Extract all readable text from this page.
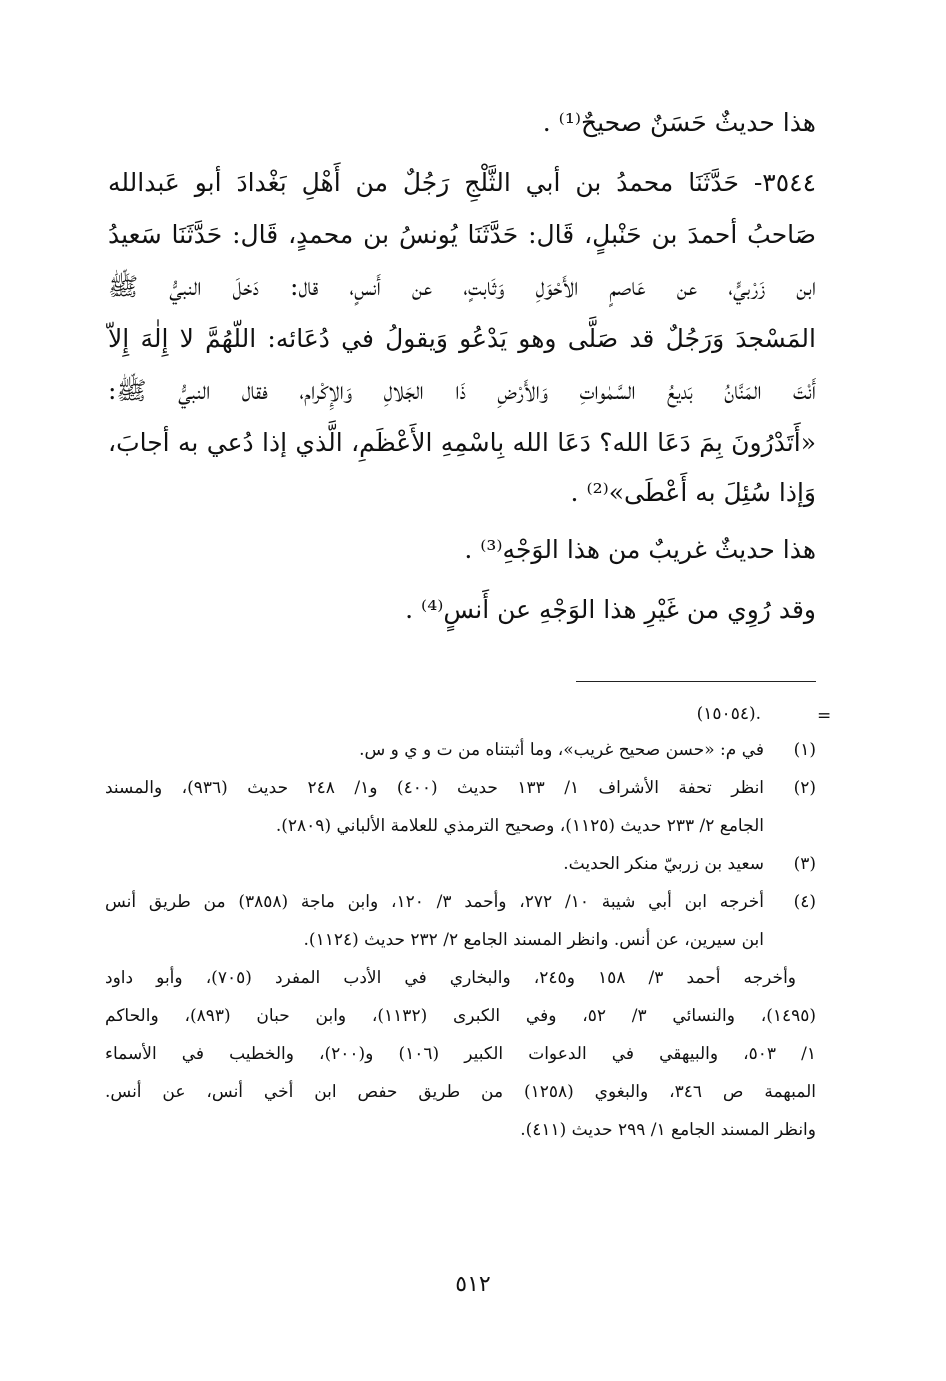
هذا حديثٌ حَسَنٌ صحيحٌ⁽¹⁾ .
٣٥٤٤- حَدَّثَنَا محمدُ بن أبي الثَّلْجِ رَجُلٌ من أَهْلِ بَغْدادَ أبو عَبدالله
صَاحبُ أحمدَ بن حَنْبلٍ، قَال: حَدَّثَنَا يُونسُ بن محمدٍ، قَال: حَدَّثَنَا سَعيدُ
ابن زَرْبيٍّ، عن عَاصمٍ الأَحْوَلِ وَثَابتٍ، عن أَنسٍ، قال: دَخلَ النبيُّ ﷺ
المَسْجدَ وَرَجُلٌ قد صَلَّى وهو يَدْعُو وَيقولُ في دُعَائه: اللّهُمَّ لا إِلٰهَ إِلاّ
أَنْتَ المَنَّانُ بَديعُ السَّمٰواتِ وَالأَرْضِ ذَا الجَلالِ وَالإِكْرام، فقال النبيُّ ﷺ:
«أَتَدْرُونَ بِمَ دَعَا الله؟ دَعَا الله بِاسْمِهِ الأَعْظَمِ، الَّذي إذا دُعي به أجابَ،
وَإذا سُئِلَ به أَعْطَى»⁽²⁾ .
هذا حديثٌ غريبٌ من هذا الوَجْهِ⁽³⁾ .
وقد رُوِي من غَيْرِ هذا الوَجْهِ عن أَنسٍ⁽⁴⁾ .
=
(١٥٠٥٤).
(١)
في م: «حسن صحيح غريب»، وما أثبتناه من ت و ي و س.
(٢)
انظر تحفة الأشراف ١/ ١٣٣ حديث (٤٠٠) و١/ ٢٤٨ حديث (٩٣٦)، والمسند
الجامع ٢/ ٢٣٣ حديث (١١٢٥)، وصحيح الترمذي للعلامة الألباني (٢٨٠٩).
(٣)
سعيد بن زربيّ منكر الحديث.
(٤)
أخرجه ابن أبي شيبة ١٠/ ٢٧٢، وأحمد ٣/ ١٢٠، وابن ماجة (٣٨٥٨) من طريق أنس
ابن سيرين، عن أنس. وانظر المسند الجامع ٢/ ٢٣٢ حديث (١١٢٤).
وأخرجه أحمد ٣/ ١٥٨ و٢٤٥، والبخاري في الأدب المفرد (٧٠٥)، وأبو داود
(١٤٩٥)، والنسائي ٣/ ٥٢، وفي الكبرى (١١٣٢)، وابن حبان (٨٩٣)، والحاكم
١/ ٥٠٣، والبيهقي في الدعوات الكبير (١٠٦) و(٢٠٠)، والخطيب في الأسماء
المبهمة ص ٣٤٦، والبغوي (١٢٥٨) من طريق حفص ابن أخي أنس، عن أنس.
وانظر المسند الجامع ١/ ٢٩٩ حديث (٤١١).
٥١٢
